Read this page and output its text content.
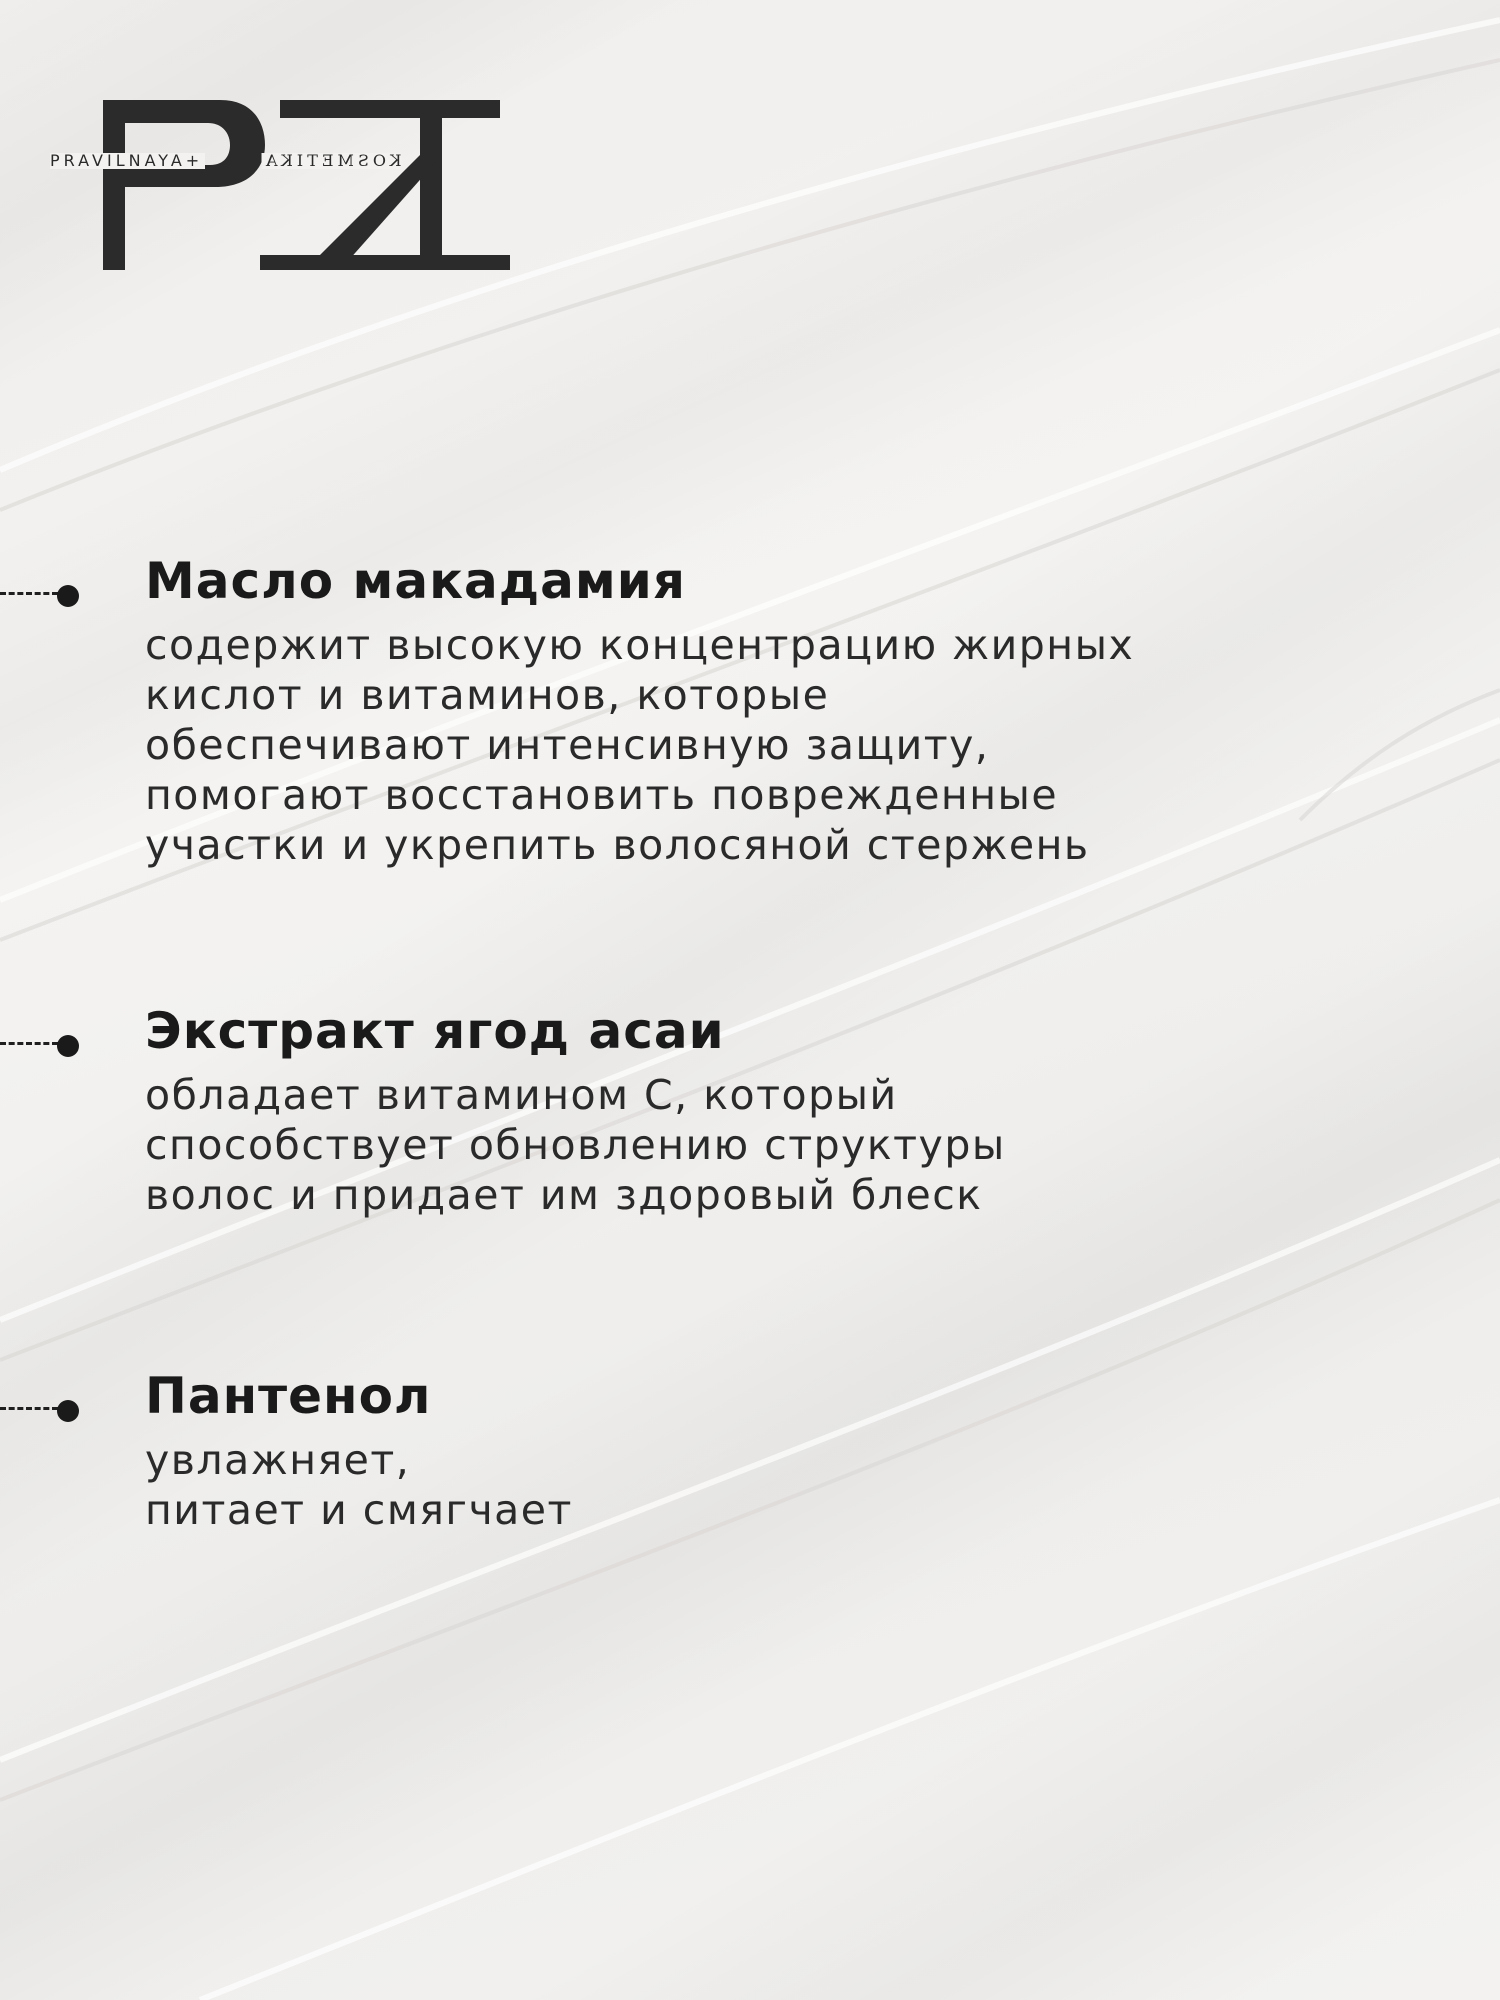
PRAVILNAYA+	KOSMETIKA
Масло макадамия
содержит высокую концентрацию жирных
кислот и витаминов, которые
обеспечивают интенсивную защиту,
помогают восстановить поврежденные
участки и укрепить волосяной стержень
Экстракт ягод асаи
обладает витамином С, который
способствует обновлению структуры
волос и придает им здоровый блеск
Пантенол
увлажняет,
питает и смягчает
